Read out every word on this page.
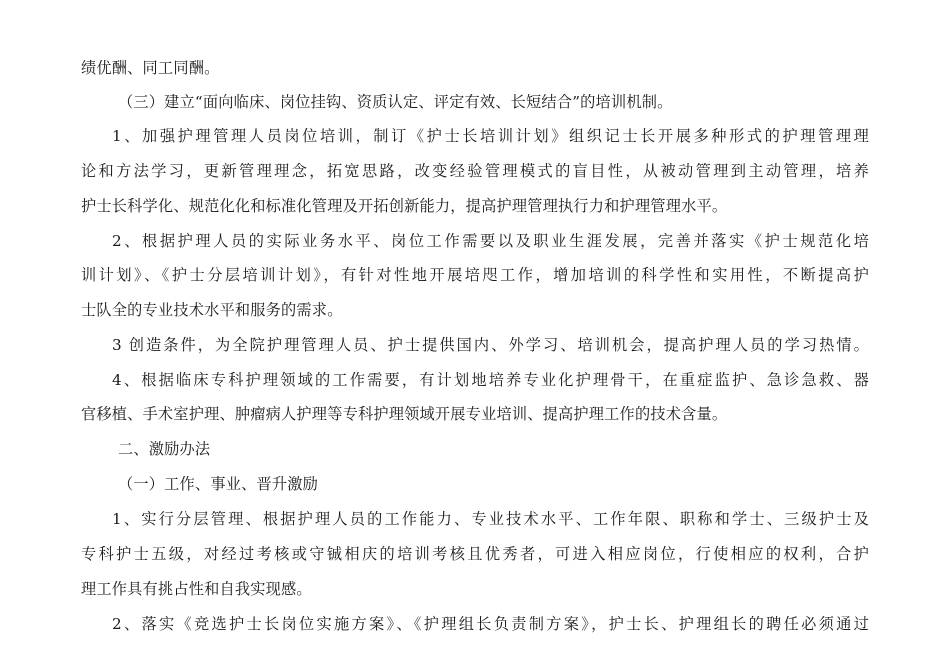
绩优酬、同工同酬。
（三）建立“面向临床、岗位挂钩、资质认定、评定有效、长短结合”的培训机制。
1、加强护理管理人员岗位培训，制订《护士长培训计划》组织记士长开展多种形式的护理管理理
论和方法学习，更新管理理念，拓宽思路，改变经验管理模式的盲目性，从被动管理到主动管理，培养
护士长科学化、规范化化和标准化管理及开拓创新能力，提高护理管理执行力和护理管理水平。
2、根据护理人员的实际业务水平、岗位工作需要以及职业生涯发展，完善并落实《护士规范化培
训计划》、《护士分层培训计划》，有针对性地开展培咫工作，增加培训的科学性和实用性，不断提高护
士队全的专业技术水平和服务的需求。
3 创造条件，为全院护理管理人员、护士提供国内、外学习、培训机会，提高护理人员的学习热情。
4、根据临床专科护理领域的工作需要，有计划地培养专业化护理骨干，在重症监护、急诊急救、器
官移植、手术室护理、肿瘤病人护理等专科护理领域开展专业培训、提高护理工作的技术含量。
二、激励办法
（一）工作、事业、晋升激励
1、实行分层管理、根据护理人员的工作能力、专业技术水平、工作年限、职称和学士、三级护士及
专科护士五级，对经过考核或守铖相庆的培训考核且优秀者，可进入相应岗位，行使相应的权利，合护
理工作具有挑占性和自我实现感。
2、落实《竞选护士长岗位实施方案》、《护理组长负责制方案》，护士长、护理组长的聘任必须通过
